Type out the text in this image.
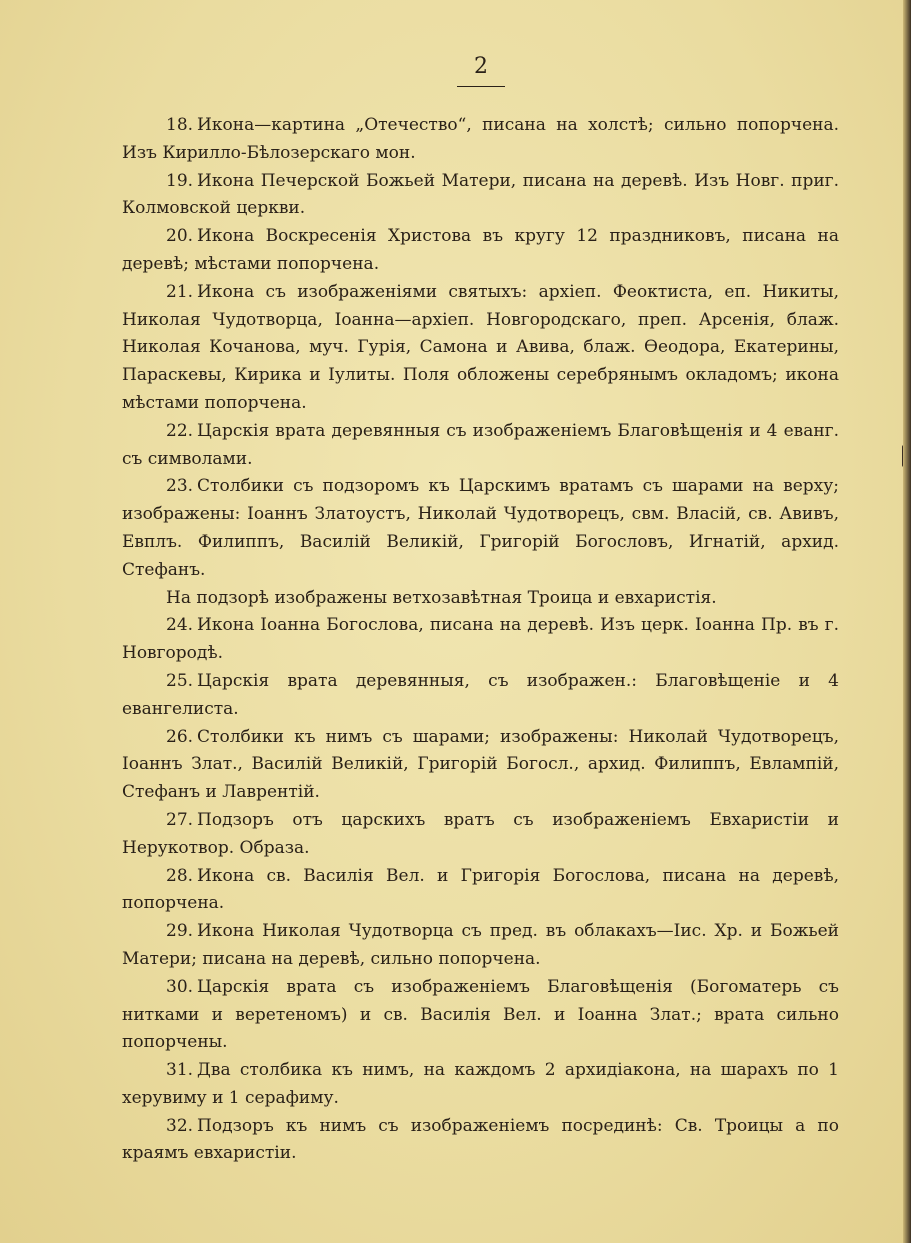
2

18. Икона—картина „Отечество“, писана на холстѣ; сильно попорчена. Изъ Кирилло-Бѣлозерскаго мон.

19. Икона Печерской Божьей Матери, писана на деревѣ. Изъ Новг. приг. Колмовской церкви.

20. Икона Воскресенія Христова въ кругу 12 праздниковъ, писана на деревѣ; мѣстами попорчена.

21. Икона съ изображеніями святыхъ: архіеп. Феоктиста, еп. Никиты, Николая Чудотворца, Іоанна—архіеп. Новгородскаго, преп. Арсенія, блаж. Николая Кочанова, муч. Гурія, Самона и Авива, блаж. Өеодора, Екатерины, Параскевы, Кирика и Іулиты. Поля обложены серебрянымъ окладомъ; икона мѣстами попорчена.

22. Царскія врата деревянныя съ изображеніемъ Благовѣщенія и 4 еванг. съ символами.

23. Столбики съ подзоромъ къ Царскимъ вратамъ съ шарами на верху; изображены: Іоаннъ Златоустъ, Николай Чудотворецъ, свм. Власій, св. Авивъ, Евплъ. Филиппъ, Василій Великій, Григорій Богословъ, Игнатій, архид. Стефанъ.

На подзорѣ изображены ветхозавѣтная Троица и евхаристія.

24. Икона Іоанна Богослова, писана на деревѣ. Изъ церк. Іоанна Пр. въ г. Новгородѣ.

25. Царскія врата деревянныя, съ изображен.: Благовѣщеніе и 4 евангелиста.

26. Столбики къ нимъ съ шарами; изображены: Николай Чудотворецъ, Іоаннъ Злат., Василій Великій, Григорій Богосл., архид. Филиппъ, Евлампій, Стефанъ и Лаврентій.

27. Подзоръ отъ царскихъ вратъ съ изображеніемъ Евхаристіи и Нерукотвор. Образа.

28. Икона св. Василія Вел. и Григорія Богослова, писана на деревѣ, попорчена.

29. Икона Николая Чудотворца съ пред. въ облакахъ—Іис. Хр. и Божьей Матери; писана на деревѣ, сильно попорчена.

30. Царскія врата съ изображеніемъ Благовѣщенія (Богоматерь съ нитками и веретеномъ) и св. Василія Вел. и Іоанна Злат.; врата сильно попорчены.

31. Два столбика къ нимъ, на каждомъ 2 архидіакона, на шарахъ по 1 херувиму и 1 серафиму.

32. Подзоръ къ нимъ съ изображеніемъ посрединѣ: Св. Троицы а по краямъ евхаристіи.
